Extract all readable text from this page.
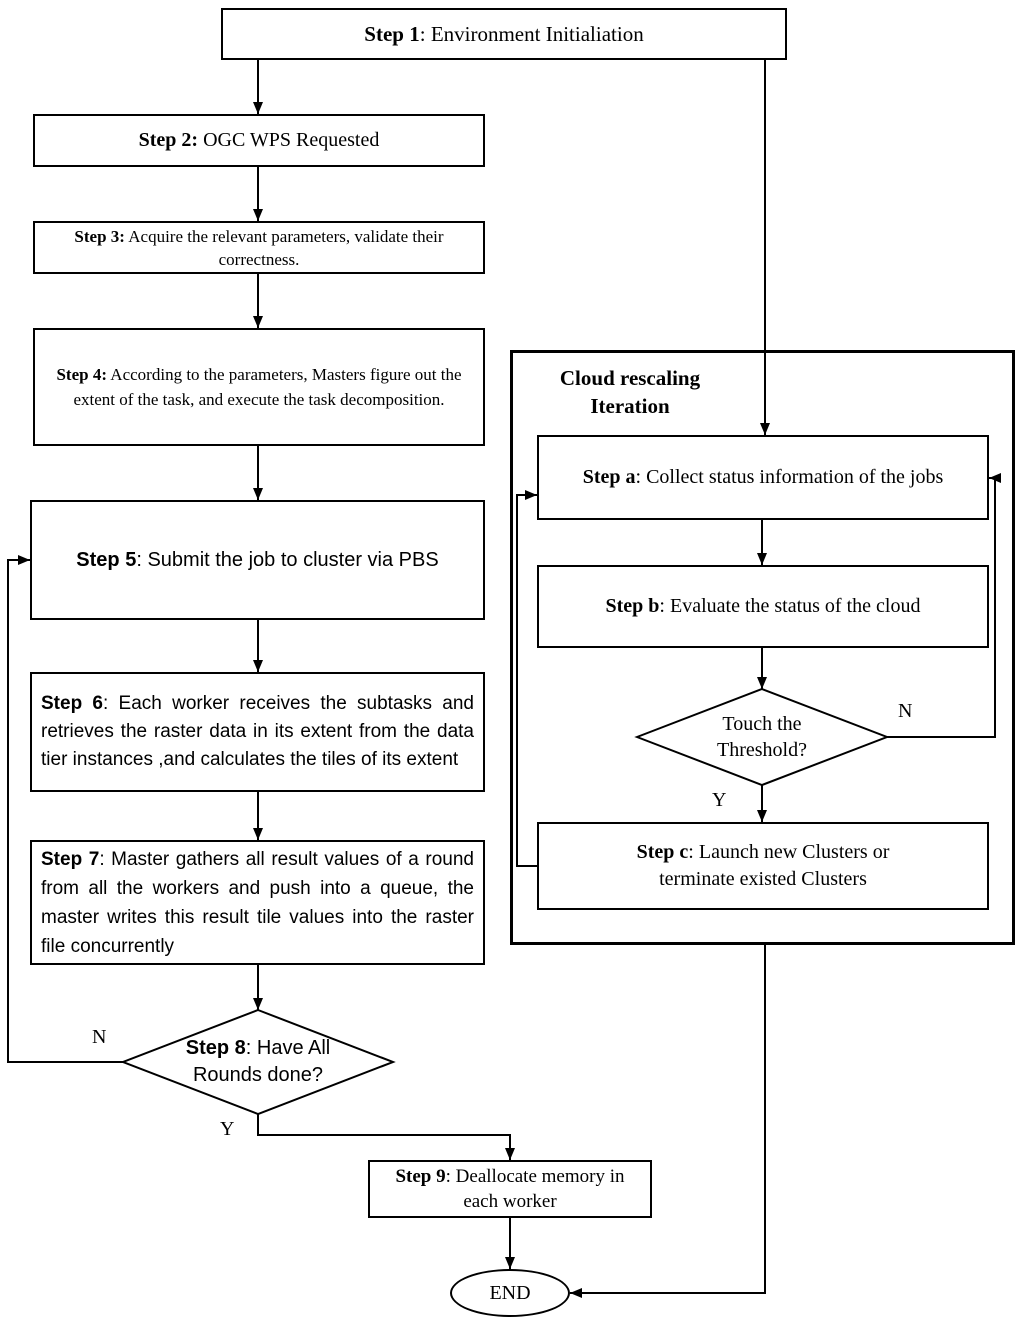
Cloud rescaling
Iteration
Step 1: Environment Initialiation
Step 2: OGC WPS Requested
Step 3: Acquire the relevant parameters, validate their correctness.
Step 4: According to the parameters, Masters figure out the extent of the task, and execute the task decomposition.
Step 5: Submit the job to cluster via PBS
Step 6: Each worker receives the subtasks and retrieves the raster data in its extent from the data tier instances ,and calculates the tiles of its extent
Step 7: Master gathers all result values of a round from all the workers and push into a queue, the master writes this result tile values into the raster file concurrently
Step 8: Have All Rounds done?
Step 9: Deallocate memory in each worker
END
Step a: Collect status information of the jobs
Step b: Evaluate the status of the cloud
Touch the Threshold?
Step c: Launch new Clusters or terminate existed Clusters
N
Y
N
Y
